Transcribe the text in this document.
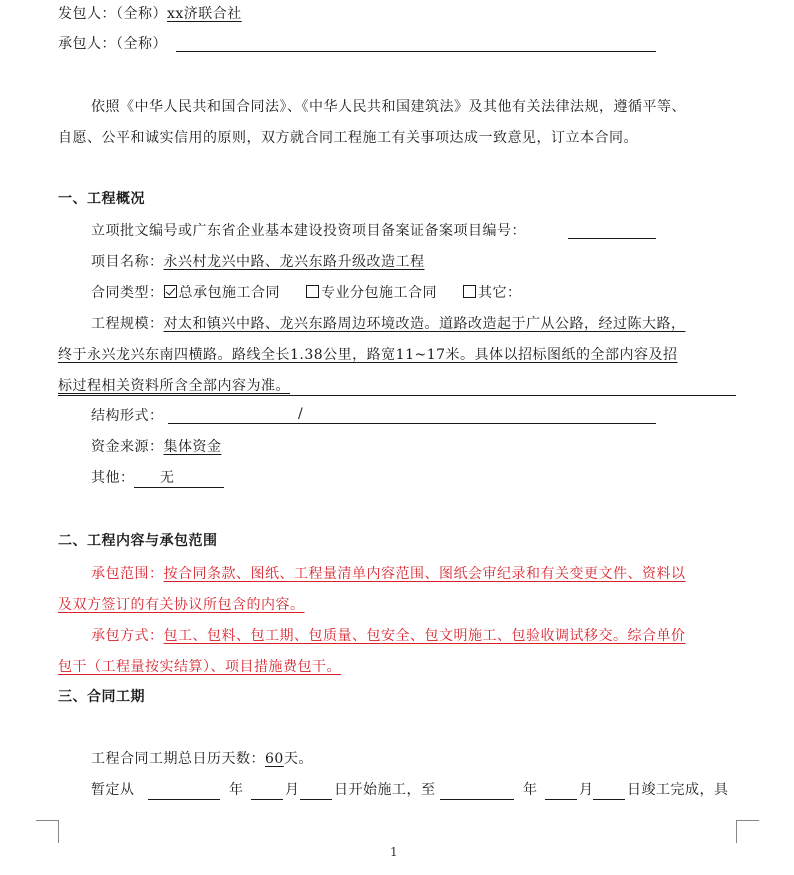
发包人：（全称）xx济联合社
承包人：（全称）
依照《中华人民共和国合同法》、《中华人民共和国建筑法》及其他有关法律法规，遵循平等、
自愿、公平和诚实信用的原则，双方就合同工程施工有关事项达成一致意见，订立本合同。
一、工程概况
立项批文编号或广东省企业基本建设投资项目备案证备案项目编号：
项目名称：永兴村龙兴中路、龙兴东路升级改造工程
合同类型： 总承包施工合同	专业分包施工合同	其它：
工程规模：对太和镇兴中路、龙兴东路周边环境改造。道路改造起于广从公路，经过陈大路，
终于永兴龙兴东南四横路。路线全长1.38公里，路宽11~17米。具体以招标图纸的全部内容及招
标过程相关资料所含全部内容为准。
结构形式：	/
资金来源：集体资金
其他： 无
二、工程内容与承包范围
承包范围：按合同条款、图纸、工程量清单内容范围、图纸会审纪录和有关变更文件、资料以
及双方签订的有关协议所包含的内容。
承包方式：包工、包料、包工期、包质量、包安全、包文明施工、包验收调试移交。综合单价
包干（工程量按实结算）、项目措施费包干。
三、合同工期
工程合同工期总日历天数：60天。
暂定从	年	月 日开始施工，至	年	月 日竣工完成，具
1
